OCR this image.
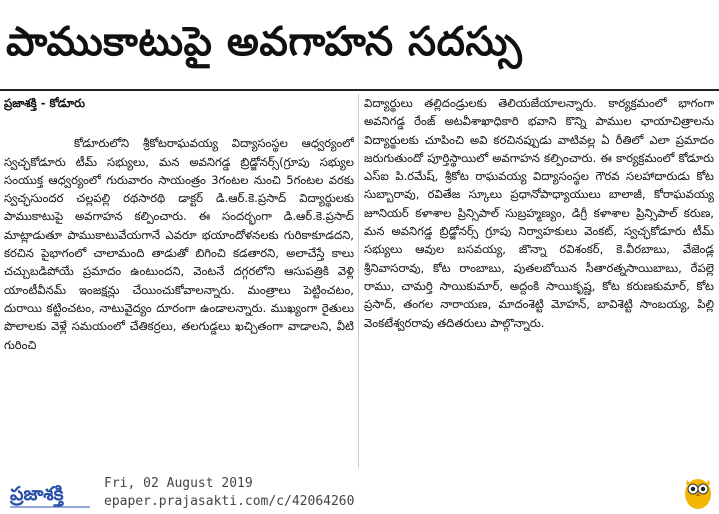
పాముకాటుపై అవగాహన సదస్సు
ప్రజాశక్తి - కోడూరు

కోడూరులోని శ్రీకోటరాఘవయ్య విద్యాసంస్థల ఆధ్వర్యంలో స్వచ్ఛకోడూరు టీమ్ సభ్యులు, మన అవనిగడ్డ బ్రిడ్జోనర్స్(గ్రూపు సభ్యుల సంయుక్త ఆధ్వర్యంలో గురువారం సాయంత్రం 3గంటల నుంచి 5గంటల వరకు స్వచ్ఛసుందర చల్లపల్లి రథసారథి డాక్టర్ డి.ఆర్.కె.ప్రసాద్ విద్యార్థులకు పాముకాటుపై అవగాహన కల్పించారు. ఈ సందర్భంగా డి.ఆర్.కె.ప్రసాద్ మాట్లాడుతూ పాముకాటువేయగానే ఎవరూ భయాందోళనలకు గురికాకూడదని, కరచిన పైభాగంలో చాలామంది తాడుతో బిగించి కడతారని, అలాచేస్తే కాలు చచ్చుబడిపోయే ప్రమాదం ఉంటుందని, వెంటనే దగ్గరలోని ఆసుపత్రికి వెళ్లి యాంటీవీనమ్ ఇంజక్షన్లు చేయించుకోవాలన్నారు. మంత్రాలు పెట్టించటం, దురాయి కట్టించటం, నాటువైద్యం దూరంగా ఉండాలన్నారు. ముఖ్యంగా రైతులు పొలాలకు వెళ్లే సమయంలో చేతికర్రలు, తలగుడ్డలు ఖచ్చితంగా వాడాలని, వీటి గురించి

విద్యార్థులు తల్లిదండ్రులకు తెలియజేయాలన్నారు. కార్యక్రమంలో భాగంగా అవనిగడ్డ రేంజ్ అటవీశాఖాధికారి భవాని కొన్ని పాముల ఛాయాచిత్రాలను విద్యార్థులకు చూపించి అవి కరచినప్పుడు వాటివల్ల ఏ రీతిలో ఎలా ప్రమాదం జరుగుతుందో పూర్తిస్థాయిలో అవగాహన కల్పించారు. ఈ కార్యక్రమంలో కోడూరు ఎస్ఐ పి.రమేష్, శ్రీకోట రాఘవయ్య విద్యాసంస్థల గౌరవ సలహాదారుడు కోట సుబ్బారావు, రవితేజ స్కూలు ప్రధానోపాధ్యాయులు బాలాజీ, కోరాఘవయ్య జూనియర్ కళాశాల ప్రిన్సిపాల్ సుబ్రహ్మణ్యం, డిగ్రీ కళాశాల ప్రిన్సిపాల్ కరుణ, మన అవనిగడ్డ బ్రిడ్జోనర్స్ గ్రూపు నిర్వాహకులు వెంకట్, స్వచ్ఛకోడూరు టీమ్ సభ్యులు ఆవుల బసవయ్య, జొన్నా రవిశంకర్, కె.వీరబాబు, వేజెండ్ల శ్రీనివాసరావు, కోట రాంబాబు, పుతలబోయిన సీతారత్నసాయిబాబు, రేపల్లె రాము, చామర్తి సాయికుమార్, అద్దంకి సాయికృష్ణ, కోట కరుణకుమార్, కోట ప్రసాద్, తంగల నారాయణ, మాదంశెట్టి మోహన్, బావిశెట్టి సాంబయ్య, పిల్లి వెంకటేశ్వరరావు తదితరులు పాల్గొన్నారు.

ప్రజాశక్తి	Fri, 02 August 2019
epaper.prajasakti.com/c/42064260
